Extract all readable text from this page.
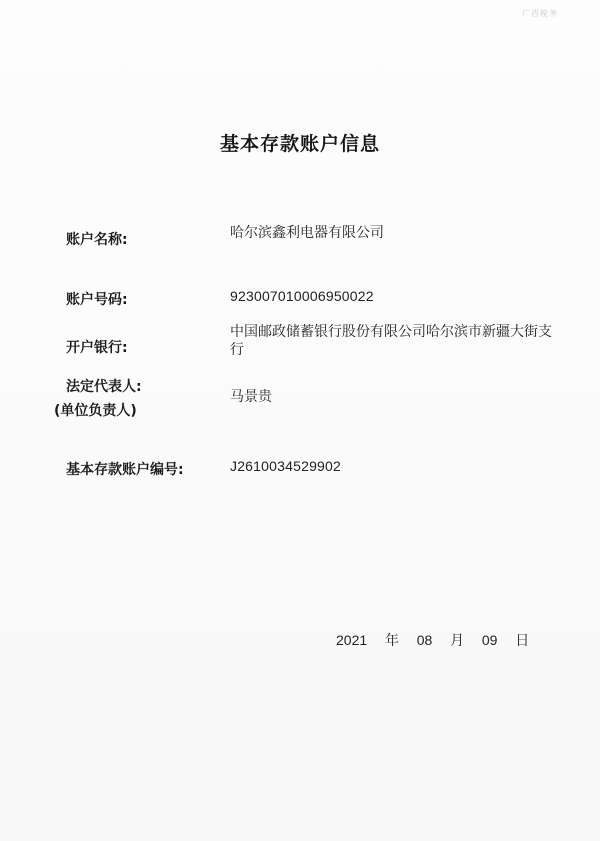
广西税务
基本存款账户信息
账户名称:	哈尔滨鑫利电器有限公司
账户号码:	923007010006950022
开户银行:
中国邮政储蓄银行股份有限公司哈尔滨市新疆大街支行
法定代表人:
(单位负责人)
马景贵
基本存款账户编号:	J2610034529902
2021 年 08 月 09 日
